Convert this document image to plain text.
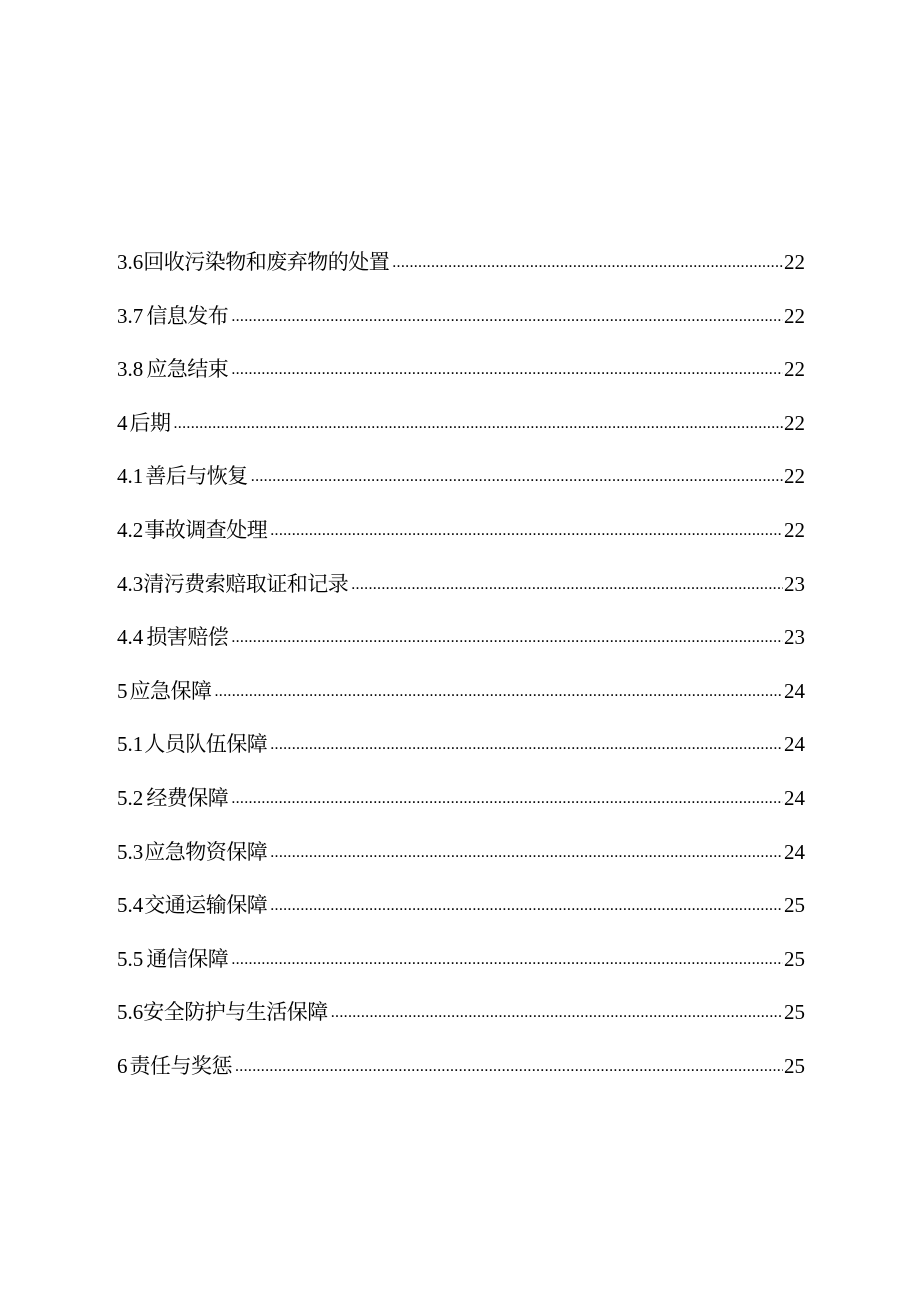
3.6 回收污染物和废弃物的处置 .....	22
3.7 信息发布 .....	22
3.8 应急结束 .....	22
4 后期 .....	22
4.1 善后与恢复 .....	22
4.2 事故调查处理 .....	22
4.3 清污费索赔取证和记录 .....	23
4.4 损害赔偿 .....	23
5 应急保障 .....	24
5.1 人员队伍保障 .....	24
5.2 经费保障 .....	24
5.3 应急物资保障 .....	24
5.4 交通运输保障 .....	25
5.5 通信保障 .....	25
5.6 安全防护与生活保障 .....	25
6 责任与奖惩 .....	25
